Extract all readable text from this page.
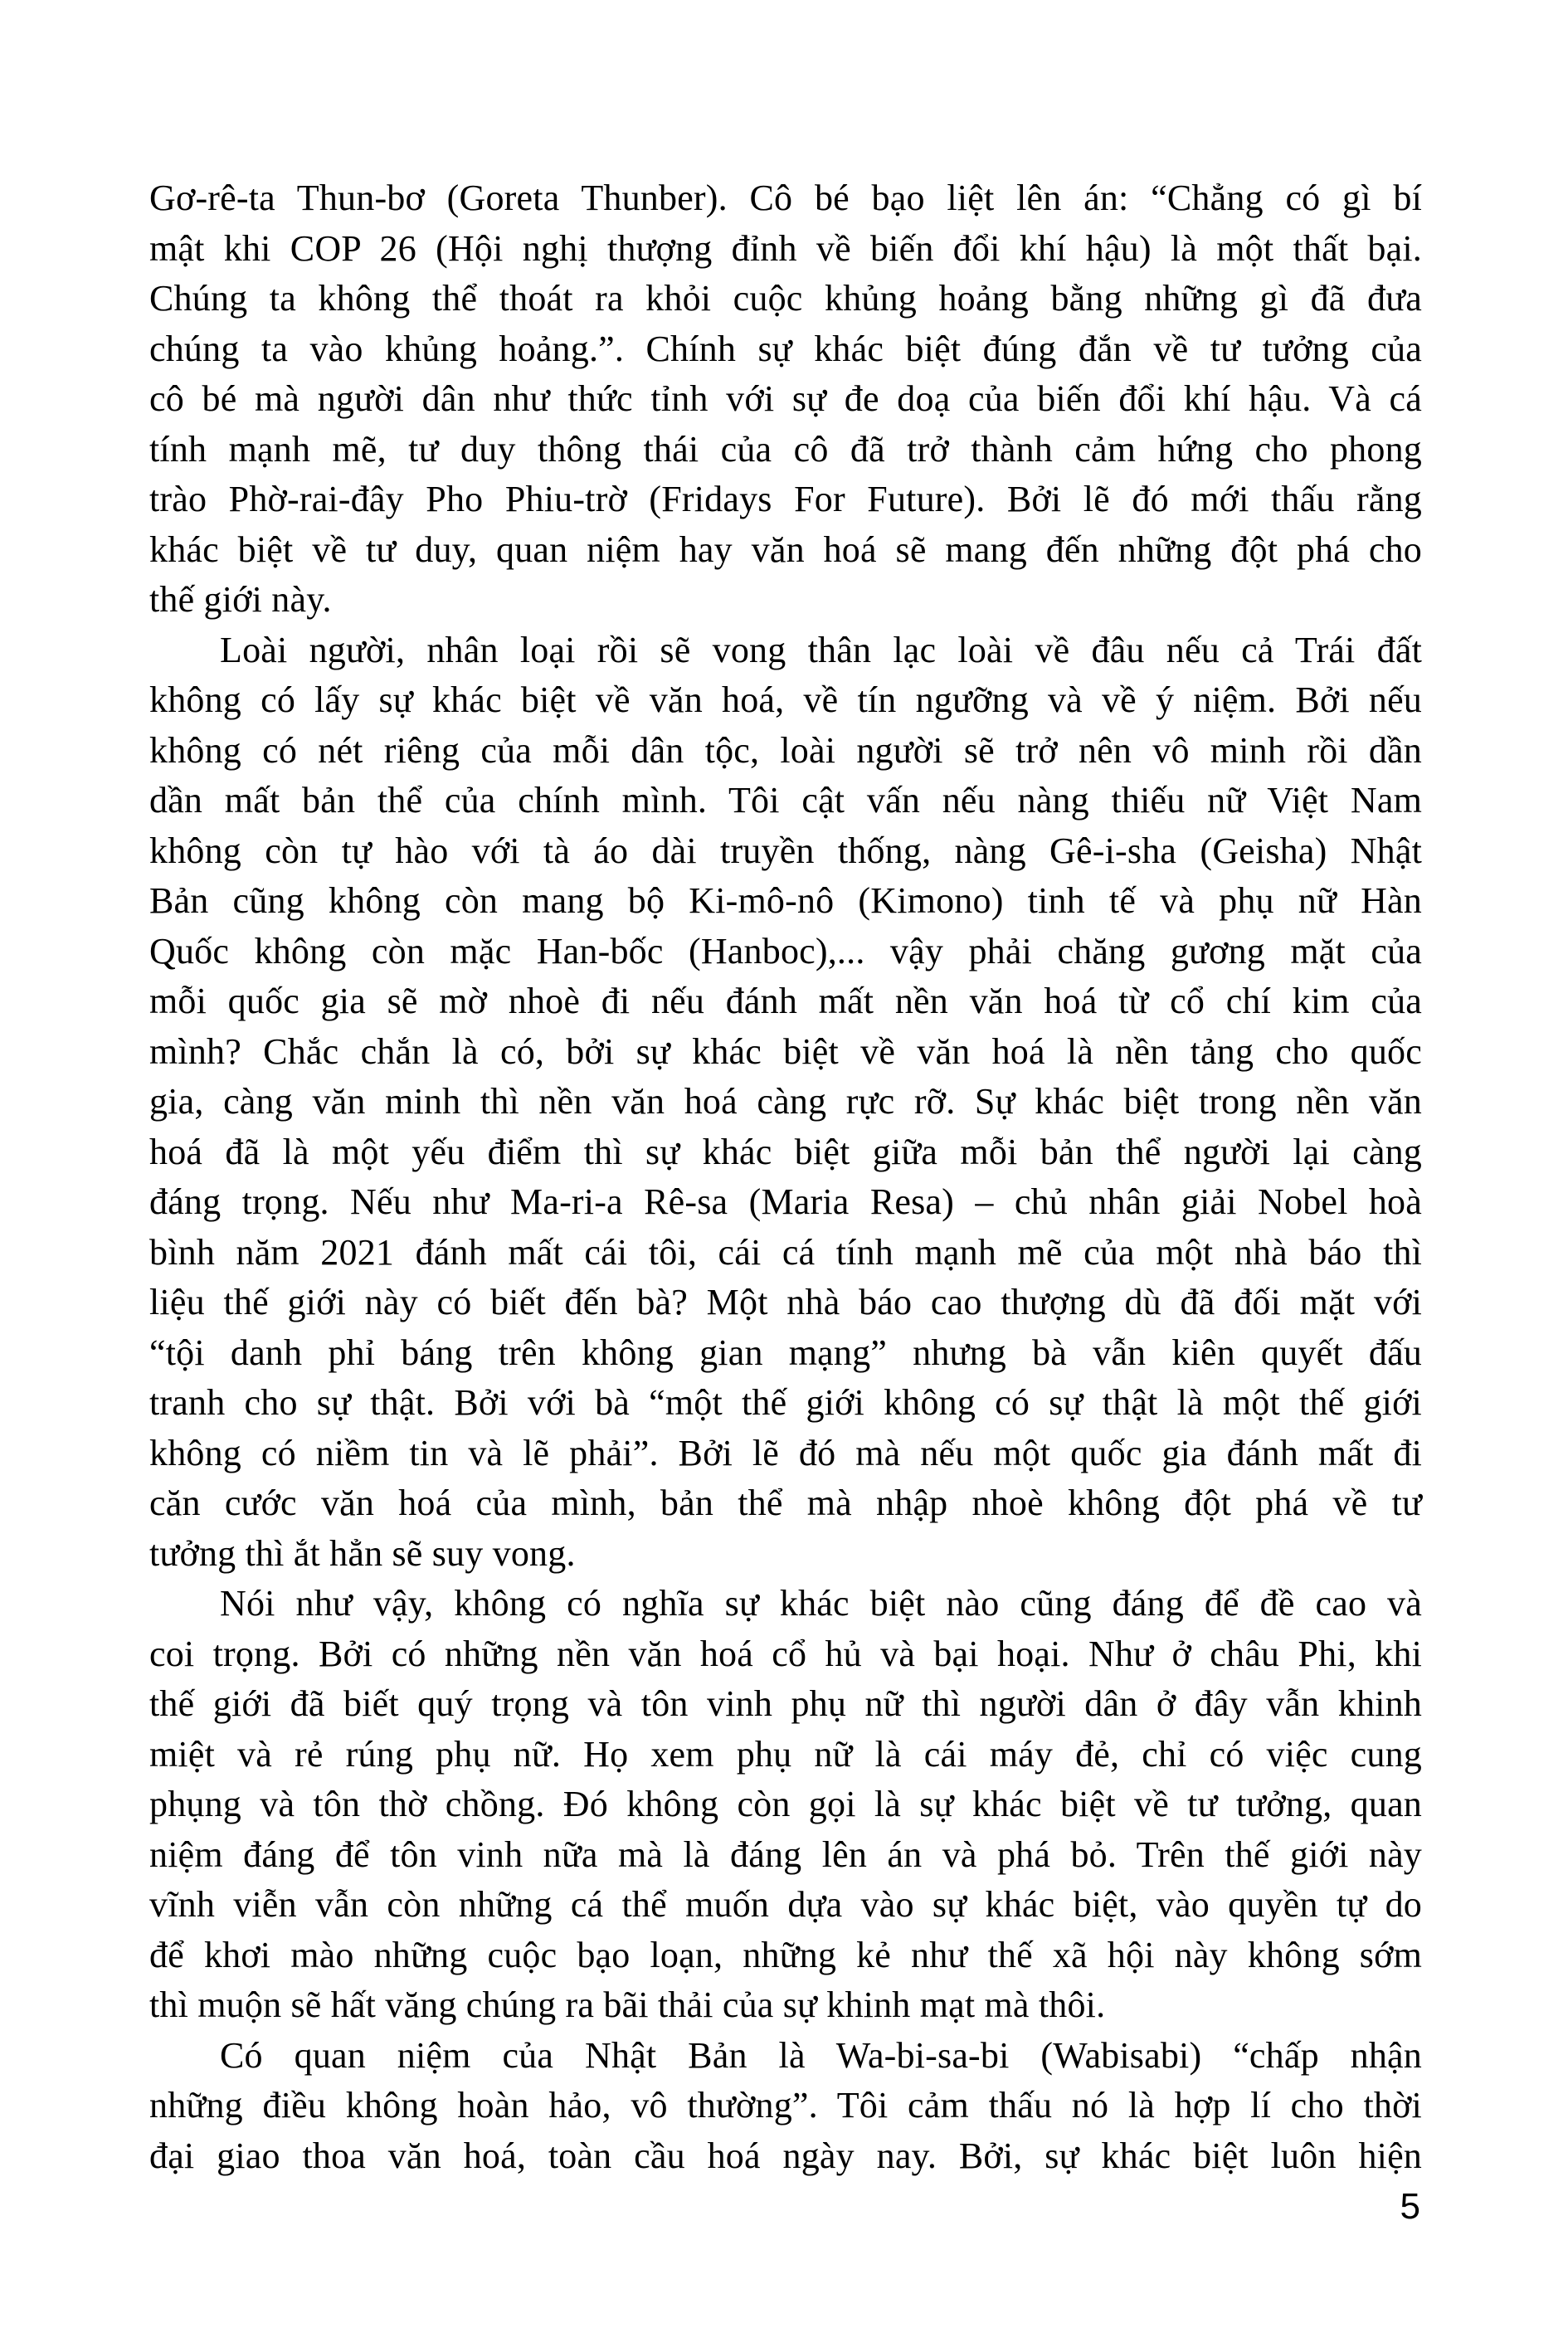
Gơ-rê-ta Thun-bơ (Goreta Thunber). Cô bé bạo liệt lên án: “Chẳng có gì bí
mật khi COP 26 (Hội nghị thượng đỉnh về biến đổi khí hậu) là một thất bại.
Chúng ta không thể thoát ra khỏi cuộc khủng hoảng bằng những gì đã đưa
chúng ta vào khủng hoảng.”. Chính sự khác biệt đúng đắn về tư tưởng của
cô bé mà người dân như thức tỉnh với sự đe doạ của biến đổi khí hậu. Và cá
tính mạnh mẽ, tư duy thông thái của cô đã trở thành cảm hứng cho phong
trào Phờ-rai-đây Pho Phiu-trờ (Fridays For Future). Bởi lẽ đó mới thấu rằng
khác biệt về tư duy, quan niệm hay văn hoá sẽ mang đến những đột phá cho
thế giới này.
Loài người, nhân loại rồi sẽ vong thân lạc loài về đâu nếu cả Trái đất
không có lấy sự khác biệt về văn hoá, về tín ngưỡng và về ý niệm. Bởi nếu
không có nét riêng của mỗi dân tộc, loài người sẽ trở nên vô minh rồi dần
dần mất bản thể của chính mình. Tôi cật vấn nếu nàng thiếu nữ Việt Nam
không còn tự hào với tà áo dài truyền thống, nàng Gê-i-sha (Geisha) Nhật
Bản cũng không còn mang bộ Ki-mô-nô (Kimono) tinh tế và phụ nữ Hàn
Quốc không còn mặc Han-bốc (Hanboc),... vậy phải chăng gương mặt của
mỗi quốc gia sẽ mờ nhoè đi nếu đánh mất nền văn hoá từ cổ chí kim của
mình? Chắc chắn là có, bởi sự khác biệt về văn hoá là nền tảng cho quốc
gia, càng văn minh thì nền văn hoá càng rực rỡ. Sự khác biệt trong nền văn
hoá đã là một yếu điểm thì sự khác biệt giữa mỗi bản thể người lại càng
đáng trọng. Nếu như Ma-ri-a Rê-sa (Maria Resa) – chủ nhân giải Nobel hoà
bình năm 2021 đánh mất cái tôi, cái cá tính mạnh mẽ của một nhà báo thì
liệu thế giới này có biết đến bà? Một nhà báo cao thượng dù đã đối mặt với
“tội danh phỉ báng trên không gian mạng” nhưng bà vẫn kiên quyết đấu
tranh cho sự thật. Bởi với bà “một thế giới không có sự thật là một thế giới
không có niềm tin và lẽ phải”. Bởi lẽ đó mà nếu một quốc gia đánh mất đi
căn cước văn hoá của mình, bản thể mà nhập nhoè không đột phá về tư
tưởng thì ắt hẳn sẽ suy vong.
Nói như vậy, không có nghĩa sự khác biệt nào cũng đáng để đề cao và
coi trọng. Bởi có những nền văn hoá cổ hủ và bại hoại. Như ở châu Phi, khi
thế giới đã biết quý trọng và tôn vinh phụ nữ thì người dân ở đây vẫn khinh
miệt và rẻ rúng phụ nữ. Họ xem phụ nữ là cái máy đẻ, chỉ có việc cung
phụng và tôn thờ chồng. Đó không còn gọi là sự khác biệt về tư tưởng, quan
niệm đáng để tôn vinh nữa mà là đáng lên án và phá bỏ. Trên thế giới này
vĩnh viễn vẫn còn những cá thể muốn dựa vào sự khác biệt, vào quyền tự do
để khơi mào những cuộc bạo loạn, những kẻ như thế xã hội này không sớm
thì muộn sẽ hất văng chúng ra bãi thải của sự khinh mạt mà thôi.
Có quan niệm của Nhật Bản là Wa-bi-sa-bi (Wabisabi) “chấp nhận
những điều không hoàn hảo, vô thường”. Tôi cảm thấu nó là hợp lí cho thời
đại giao thoa văn hoá, toàn cầu hoá ngày nay. Bởi, sự khác biệt luôn hiện
5
